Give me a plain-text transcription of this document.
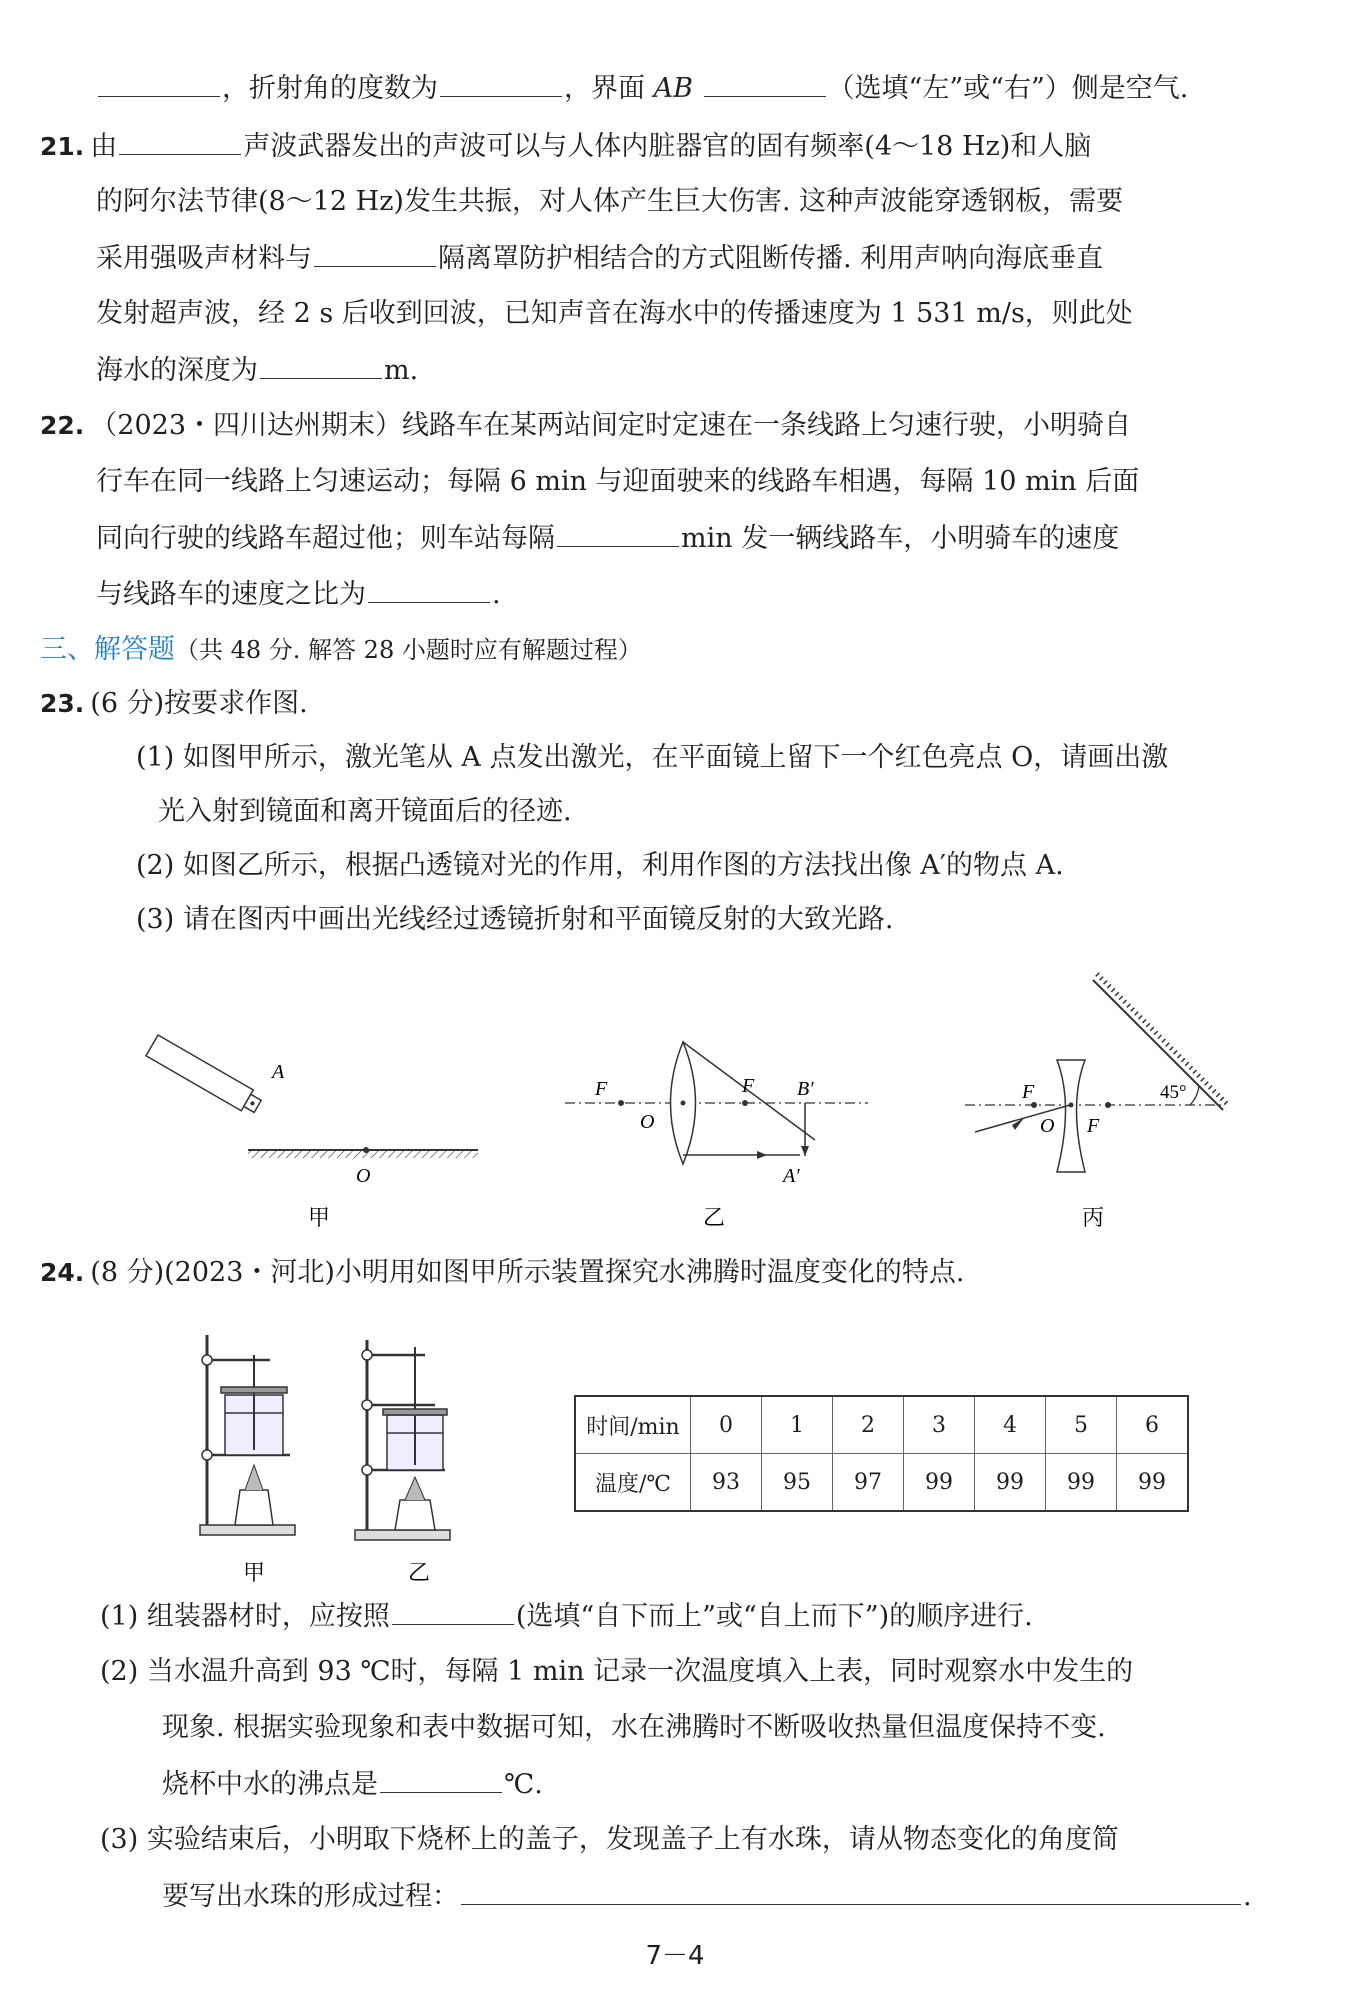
，折射角的度数为	，界面 AB	（选填“左”或“右”）侧是空气.
21. 由	声波武器发出的声波可以与人体内脏器官的固有频率(4～18 Hz)和人脑
的阿尔法节律(8～12 Hz)发生共振，对人体产生巨大伤害. 这种声波能穿透钢板，需要
采用强吸声材料与	隔离罩防护相结合的方式阻断传播. 利用声呐向海底垂直
发射超声波，经 2 s 后收到回波，已知声音在海水中的传播速度为 1 531 m/s，则此处
海水的深度为	m.
22. （2023・四川达州期末）线路车在某两站间定时定速在一条线路上匀速行驶，小明骑自
行车在同一线路上匀速运动；每隔 6 min 与迎面驶来的线路车相遇，每隔 10 min 后面
同向行驶的线路车超过他；则车站每隔	min 发一辆线路车，小明骑车的速度
与线路车的速度之比为	.
三、解答题（共 48 分. 解答 28 小题时应有解题过程）
23. (6 分)按要求作图.
(1) 如图甲所示，激光笔从 A 点发出激光，在平面镜上留下一个红色亮点 O，请画出激
光入射到镜面和离开镜面后的径迹.
(2) 如图乙所示，根据凸透镜对光的作用，利用作图的方法找出像 A′的物点 A.
(3) 请在图丙中画出光线经过透镜折射和平面镜反射的大致光路.
A
O
甲
F	F
O
B′
A′
乙
F
O F
45°
丙
24. (8 分)(2023・河北)小明用如图甲所示装置探究水沸腾时温度变化的特点.
甲	乙
时间/min	0	1	2	3	4	5	6
温度/℃	93	95	97	99	99	99	99
(1) 组装器材时，应按照	(选填“自下而上”或“自上而下”)的顺序进行.
(2) 当水温升高到 93 ℃时，每隔 1 min 记录一次温度填入上表，同时观察水中发生的
现象. 根据实验现象和表中数据可知，水在沸腾时不断吸收热量但温度保持不变.
烧杯中水的沸点是	℃.
(3) 实验结束后，小明取下烧杯上的盖子，发现盖子上有水珠，请从物态变化的角度简
要写出水珠的形成过程：	.
7－4
